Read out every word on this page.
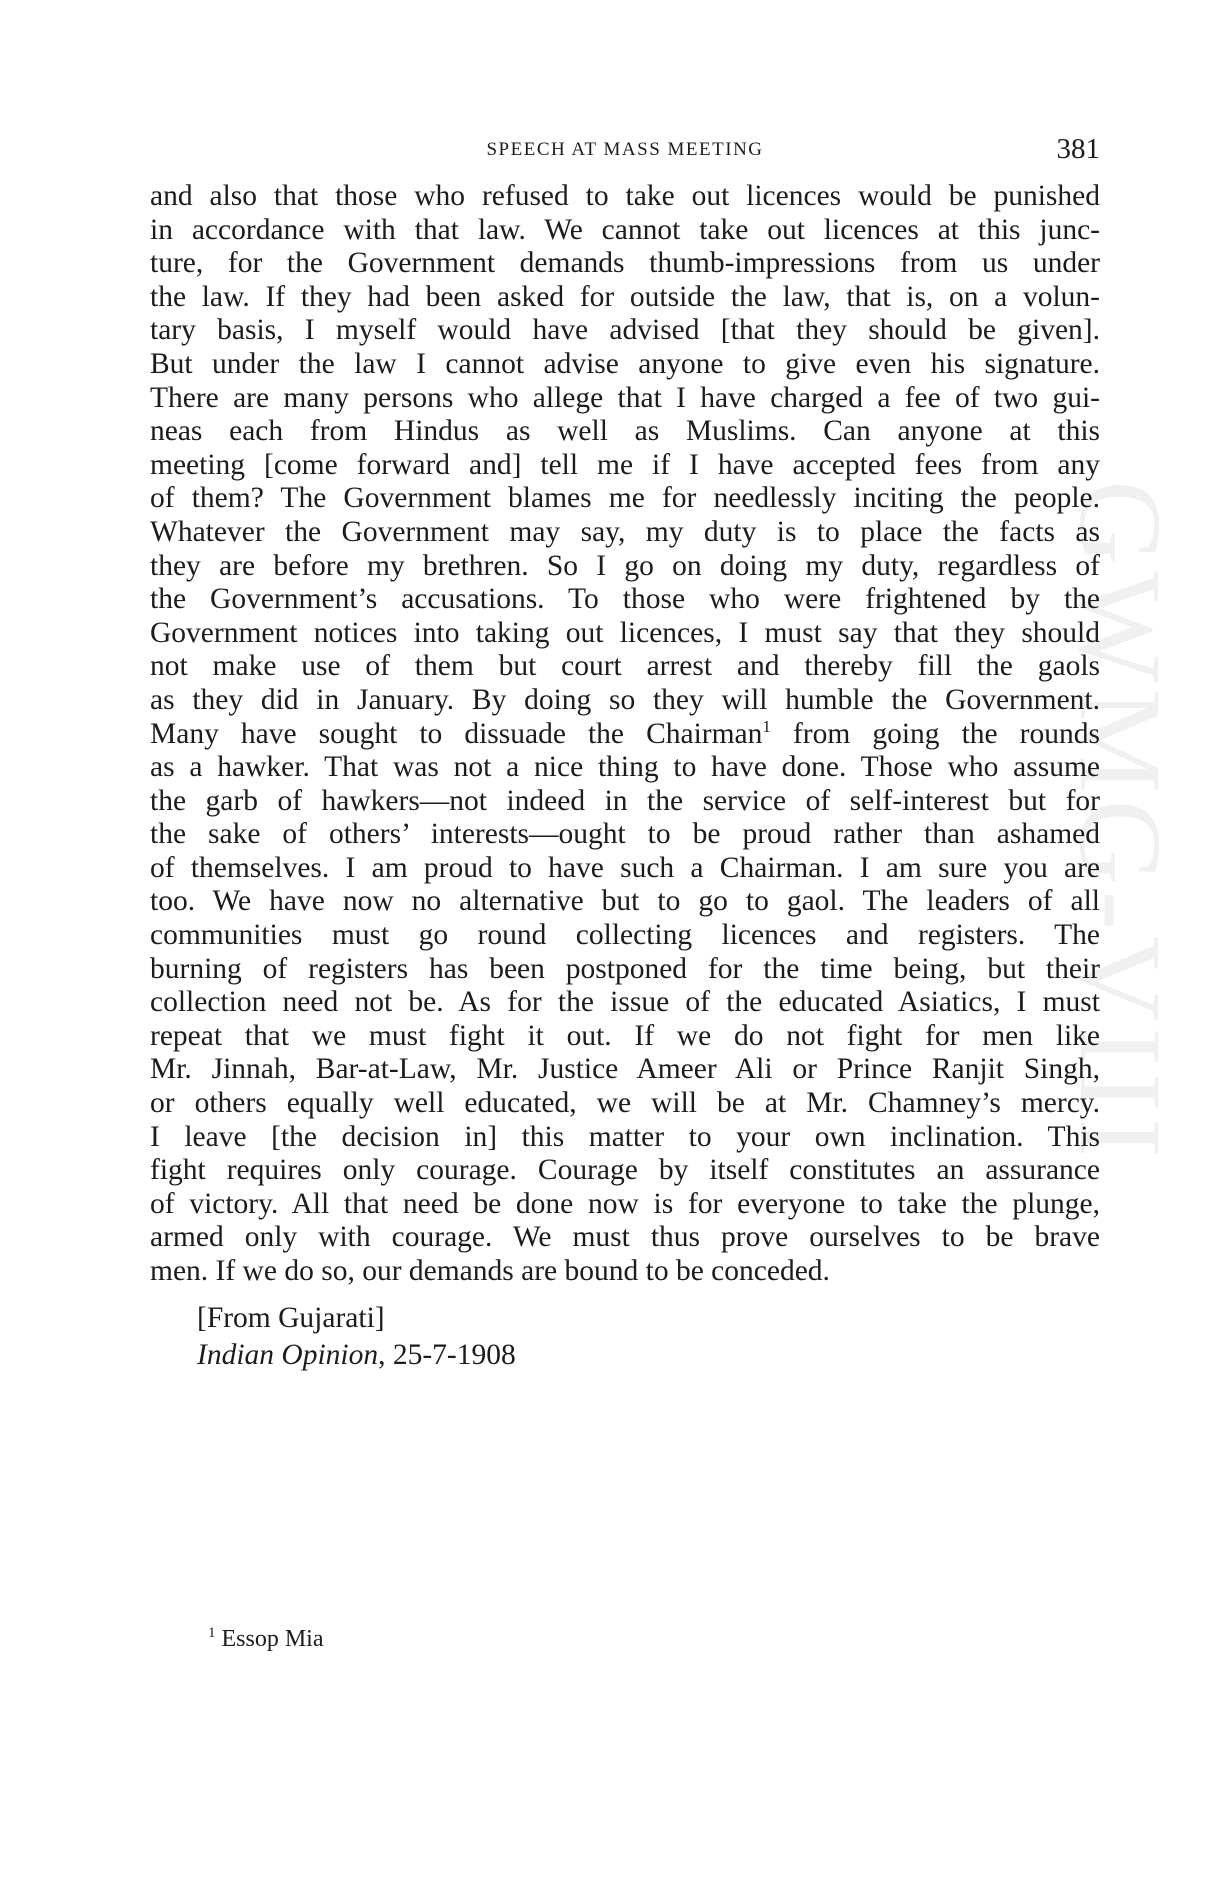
GWMG-VIII
SPEECH AT MASS MEETING	381
and also that those who refused to take out licences would be punished
in accordance with that law. We cannot take out licences at this junc-
ture, for the Government demands thumb-impressions from us under
the law. If they had been asked for outside the law, that is, on a volun-
tary basis, I myself would have advised [that they should be given].
But under the law I cannot advise anyone to give even his signature.
There are many persons who allege that I have charged a fee of two gui-
neas each from Hindus as well as Muslims. Can anyone at this
meeting [come forward and] tell me if I have accepted fees from any
of them? The Government blames me for needlessly inciting the people.
Whatever the Government may say, my duty is to place the facts as
they are before my brethren. So I go on doing my duty, regardless of
the Government’s accusations. To those who were frightened by the
Government notices into taking out licences, I must say that they should
not make use of them but court arrest and thereby fill the gaols
as they did in January. By doing so they will humble the Government.
Many have sought to dissuade the Chairman$^1$ from going the rounds
as a hawker. That was not a nice thing to have done. Those who assume
the garb of hawkers—not indeed in the service of self-interest but for
the sake of others’ interests—ought to be proud rather than ashamed
of themselves. I am proud to have such a Chairman. I am sure you are
too. We have now no alternative but to go to gaol. The leaders of all
communities must go round collecting licences and registers. The
burning of registers has been postponed for the time being, but their
collection need not be. As for the issue of the educated Asiatics, I must
repeat that we must fight it out. If we do not fight for men like
Mr. Jinnah, Bar-at-Law, Mr. Justice Ameer Ali or Prince Ranjit Singh,
or others equally well educated, we will be at Mr. Chamney’s mercy.
I leave [the decision in] this matter to your own inclination. This
fight requires only courage. Courage by itself constitutes an assurance
of victory. All that need be done now is for everyone to take the plunge,
armed only with courage. We must thus prove ourselves to be brave
men. If we do so, our demands are bound to be conceded.
[From Gujarati]
Indian Opinion, 25-7-1908
$^1$ Essop Mia
